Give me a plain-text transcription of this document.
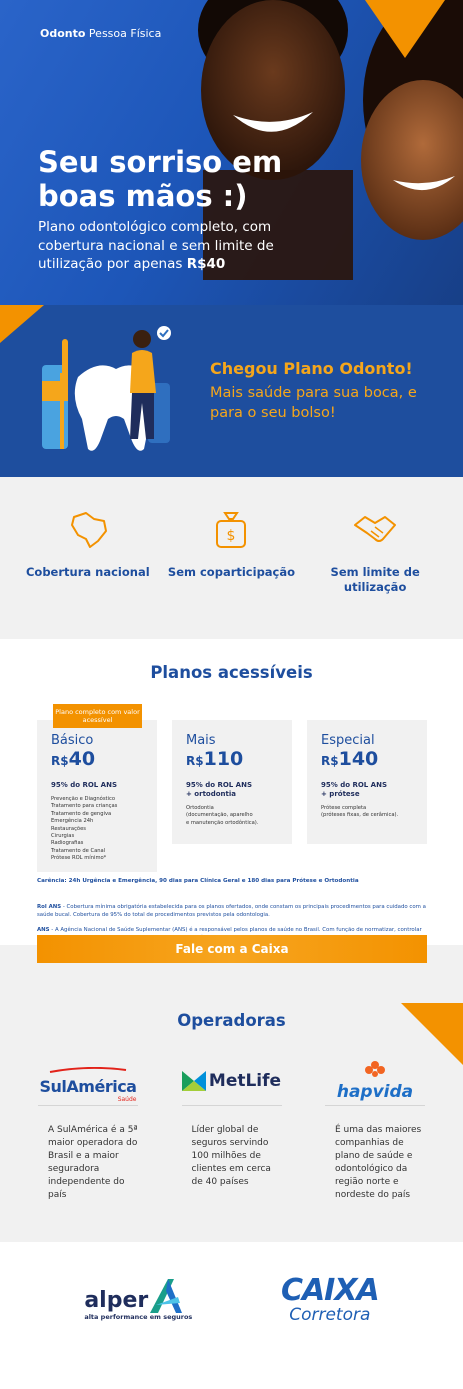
Odonto Pessoa Física
Seu sorriso em boas mãos :)

Plano odontológico completo, com cobertura nacional e sem limite de utilização por apenas R$40

Chegou Plano Odonto!
Mais saúde para sua boca, e para o seu bolso!
Cobertura nacional
$
Sem coparticipação	Sem limite de utilização
Planos acessíveis
Básico
R$40
95% do ROL ANS
Prevenção e Diagnóstico
Tratamento para crianças
Tratamento de gengiva
Emergência 24h
Restaurações
Cirurgias
Radiografias
Tratamento de Canal
Prótese ROL mínimo*
Plano completo com valor acessível
Mais
R$110
95% do ROL ANS
+ ortodontia
Ortodontia
(documentação, aparelho
e manutenção ortodôntica).
Especial
R$140
95% do ROL ANS
+ prótese
Prótese completa
(próteses fixas, de cerâmica).
Carência: 24h Urgência e Emergência, 90 dias para Clínica Geral e 180 dias para Prótese e Ortodontia

Rol ANS - Cobertura mínima obrigatória estabelecida para os planos ofertados, onde constam os principais procedimentos para cuidado com a saúde bucal. Cobertura de 95% do total de procedimentos previstos pela odontologia.

ANS - A Agência Nacional de Saúde Suplementar (ANS) é a responsável pelos planos de saúde no Brasil. Com função de normatizar, controlar

Fale com a Caixa
Operadoras
SulAmérica
Saúde
A SulAmérica é a 5ª maior operadora do Brasil e a maior seguradora independente do país
MetLife
Líder global de seguros servindo 100 milhões de clientes em cerca de 40 países
hapvida
É uma das maiores companhias de plano de saúde e odontológico da região norte e nordeste do país
alper
alta performance em seguros
CAIXA
Corretora
